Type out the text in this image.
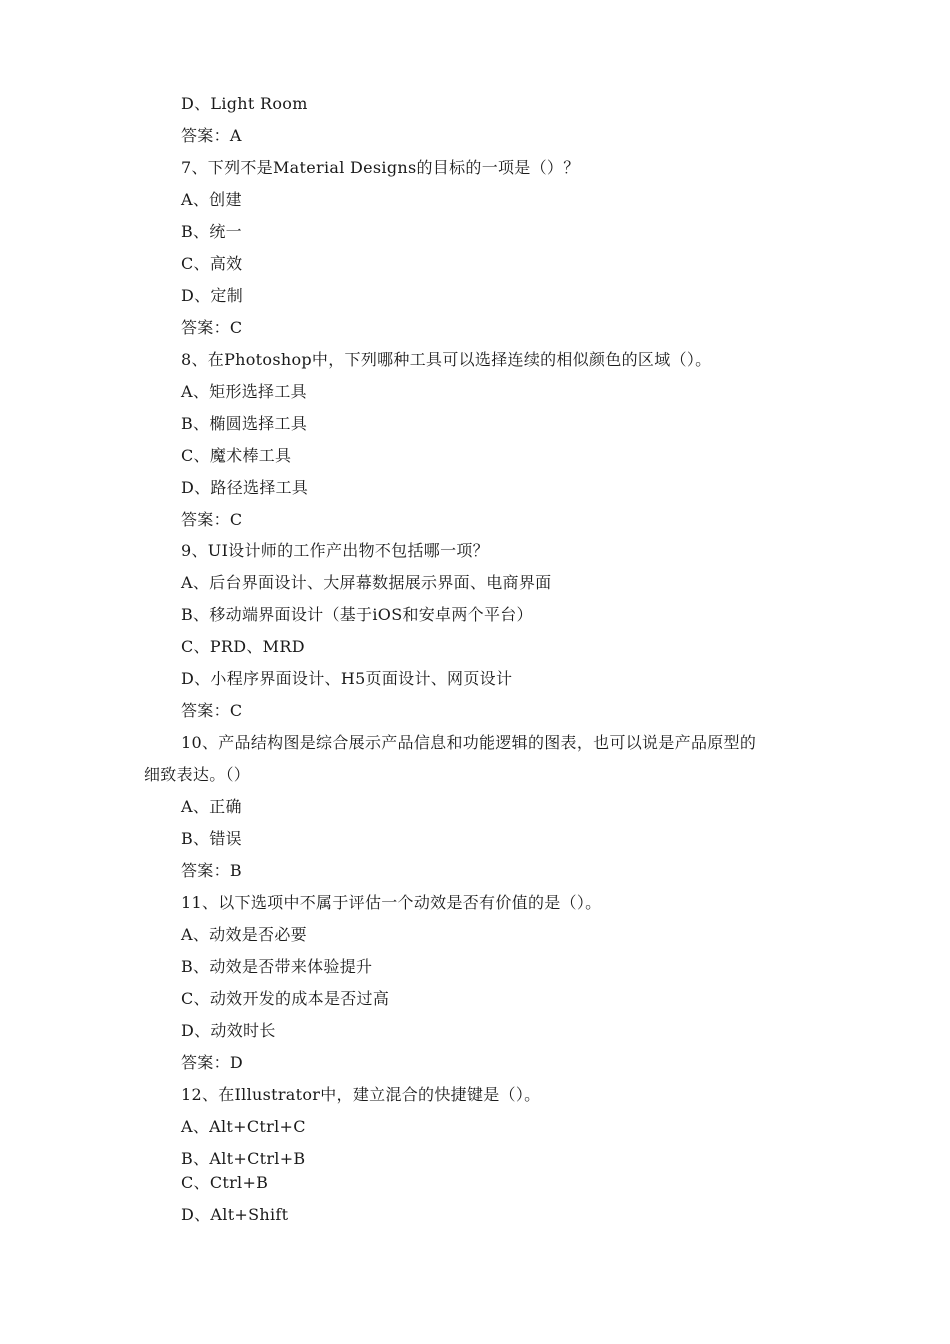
D、Light Room
答案：A
7、下列不是Material Designs的目标的一项是（）？
A、创建
B、统一
C、高效
D、定制
答案：C
8、在Photoshop中，下列哪种工具可以选择连续的相似颜色的区域（）。
A、矩形选择工具
B、椭圆选择工具
C、魔术棒工具
D、路径选择工具
答案：C
9、UI设计师的工作产出物不包括哪一项？
A、后台界面设计、大屏幕数据展示界面、电商界面
B、移动端界面设计（基于iOS和安卓两个平台）
C、PRD、MRD
D、小程序界面设计、H5页面设计、网页设计
答案：C
10、产品结构图是综合展示产品信息和功能逻辑的图表，也可以说是产品原型的
细致表达。（）
A、正确
B、错误
答案：B
11、以下选项中不属于评估一个动效是否有价值的是（）。
A、动效是否必要
B、动效是否带来体验提升
C、动效开发的成本是否过高
D、动效时长
答案：D
12、在Illustrator中，建立混合的快捷键是（）。
A、Alt+Ctrl+C
B、Alt+Ctrl+B
C、Ctrl+B
D、Alt+Shift
